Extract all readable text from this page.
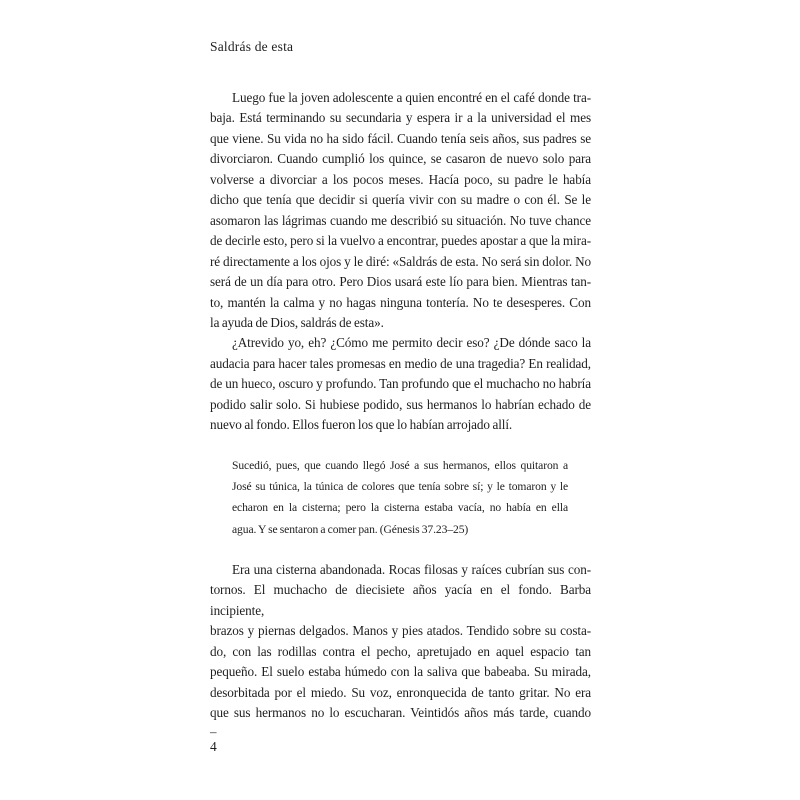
Saldrás de esta
Luego fue la joven adolescente a quien encontré en el café donde tra-
baja. Está terminando su secundaria y espera ir a la universidad el mes
que viene. Su vida no ha sido fácil. Cuando tenía seis años, sus padres se
divorciaron. Cuando cumplió los quince, se casaron de nuevo solo para
volverse a divorciar a los pocos meses. Hacía poco, su padre le había
dicho que tenía que decidir si quería vivir con su madre o con él. Se le
asomaron las lágrimas cuando me describió su situación. No tuve chance
de decirle esto, pero si la vuelvo a encontrar, puedes apostar a que la mira-
ré directamente a los ojos y le diré: «Saldrás de esta. No será sin dolor. No
será de un día para otro. Pero Dios usará este lío para bien. Mientras tan-
to, mantén la calma y no hagas ninguna tontería. No te desesperes. Con
la ayuda de Dios, saldrás de esta».
¿Atrevido yo, eh? ¿Cómo me permito decir eso? ¿De dónde saco la
audacia para hacer tales promesas en medio de una tragedia? En realidad,
de un hueco, oscuro y profundo. Tan profundo que el muchacho no habría
podido salir solo. Si hubiese podido, sus hermanos lo habrían echado de
nuevo al fondo. Ellos fueron los que lo habían arrojado allí.
Sucedió, pues, que cuando llegó José a sus hermanos, ellos quitaron a
José su túnica, la túnica de colores que tenía sobre sí; y le tomaron y le
echaron en la cisterna; pero la cisterna estaba vacía, no había en ella
agua. Y se sentaron a comer pan. (Génesis 37.23–25)
Era una cisterna abandonada. Rocas filosas y raíces cubrían sus con-
tornos. El muchacho de diecisiete años yacía en el fondo. Barba incipiente,
brazos y piernas delgados. Manos y pies atados. Tendido sobre su costa-
do, con las rodillas contra el pecho, apretujado en aquel espacio tan
pequeño. El suelo estaba húmedo con la saliva que babeaba. Su mirada,
desorbitada por el miedo. Su voz, enronquecida de tanto gritar. No era
que sus hermanos no lo escucharan. Veintidós años más tarde, cuando
–
4
